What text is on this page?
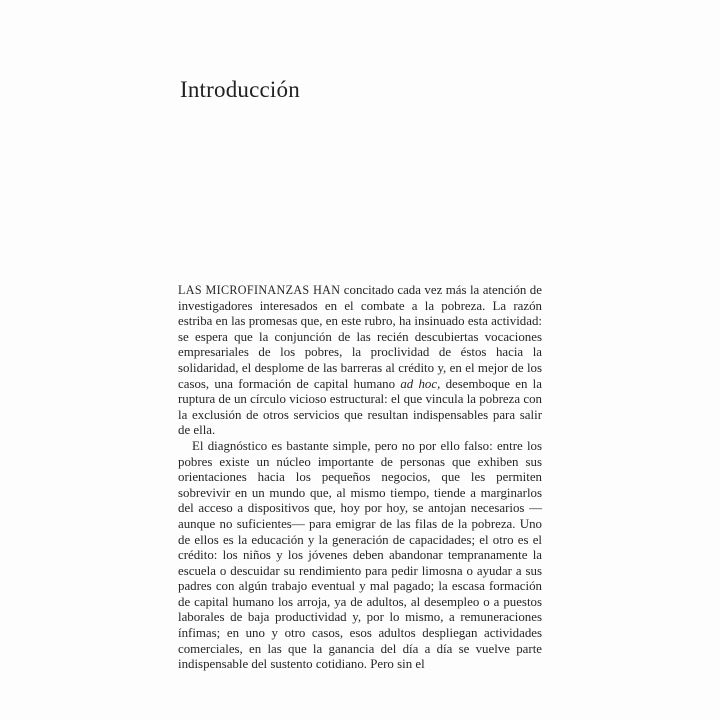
Introducción

LAS MICROFINANZAS HAN concitado cada vez más la atención de investigadores interesados en el combate a la pobreza. La razón estriba en las promesas que, en este rubro, ha insinuado esta actividad: se espera que la conjunción de las recién descubiertas vocaciones empresariales de los pobres, la proclividad de éstos hacia la solidaridad, el desplome de las barreras al crédito y, en el mejor de los casos, una formación de capital humano ad hoc, desemboque en la ruptura de un círculo vicioso estructural: el que vincula la pobreza con la exclusión de otros servicios que resultan indispensables para salir de ella.

El diagnóstico es bastante simple, pero no por ello falso: entre los pobres existe un núcleo importante de personas que exhiben sus orientaciones hacia los pequeños negocios, que les permiten sobrevivir en un mundo que, al mismo tiempo, tiende a marginarlos del acceso a dispositivos que, hoy por hoy, se antojan necesarios —aunque no suficientes— para emigrar de las filas de la pobreza. Uno de ellos es la educación y la generación de capacidades; el otro es el crédito: los niños y los jóvenes deben abandonar tempranamente la escuela o descuidar su rendimiento para pedir limosna o ayudar a sus padres con algún trabajo eventual y mal pagado; la escasa formación de capital humano los arroja, ya de adultos, al desempleo o a puestos laborales de baja productividad y, por lo mismo, a remuneraciones ínfimas; en uno y otro casos, esos adultos despliegan actividades comerciales, en las que la ganancia del día a día se vuelve parte indispensable del sustento cotidiano. Pero sin el
